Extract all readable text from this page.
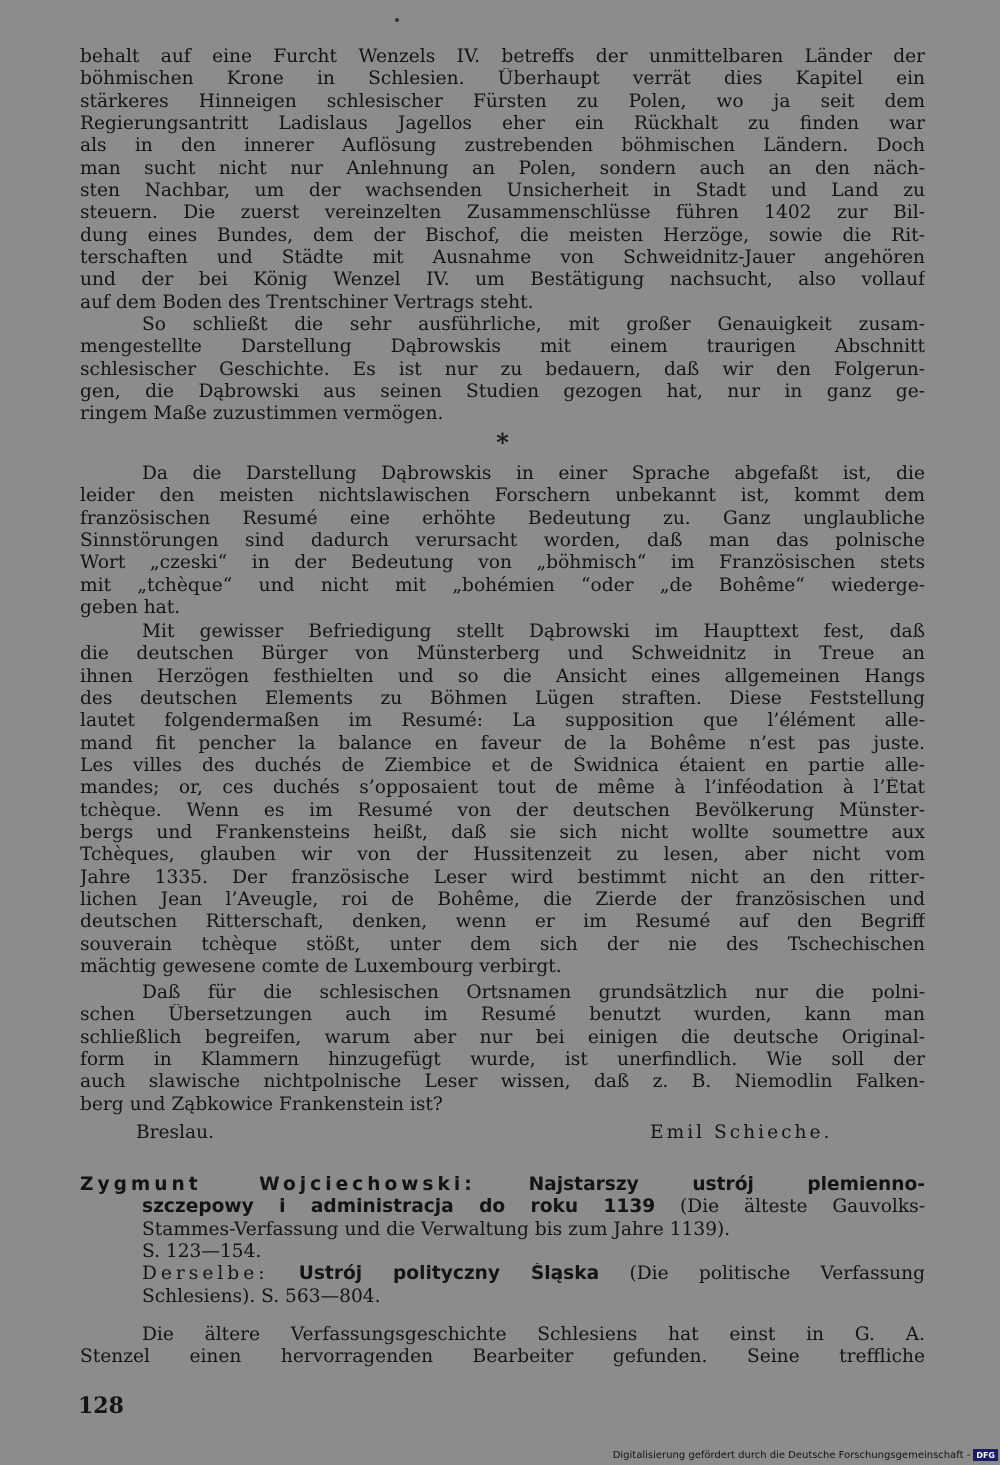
behalt auf eine Furcht Wenzels IV. betreffs der unmittelbaren Länder der
böhmischen Krone in Schlesien. Überhaupt verrät dies Kapitel ein
stärkeres Hinneigen schlesischer Fürsten zu Polen, wo ja seit dem
Regierungsantritt Ladislaus Jagellos eher ein Rückhalt zu finden war
als in den innerer Auflösung zustrebenden böhmischen Ländern. Doch
man sucht nicht nur Anlehnung an Polen, sondern auch an den näch-
sten Nachbar, um der wachsenden Unsicherheit in Stadt und Land zu
steuern. Die zuerst vereinzelten Zusammenschlüsse führen 1402 zur Bil-
dung eines Bundes, dem der Bischof, die meisten Herzöge, sowie die Rit-
terschaften und Städte mit Ausnahme von Schweidnitz-Jauer angehören
und der bei König Wenzel IV. um Bestätigung nachsucht, also vollauf
auf dem Boden des Trentschiner Vertrags steht.
So schließt die sehr ausführliche, mit großer Genauigkeit zusam-
mengestellte Darstellung Dąbrowskis mit einem traurigen Abschnitt
schlesischer Geschichte. Es ist nur zu bedauern, daß wir den Folgerun-
gen, die Dąbrowski aus seinen Studien gezogen hat, nur in ganz ge-
ringem Maße zuzustimmen vermögen.
*
Da die Darstellung Dąbrowskis in einer Sprache abgefaßt ist, die
leider den meisten nichtslawischen Forschern unbekannt ist, kommt dem
französischen Resumé eine erhöhte Bedeutung zu. Ganz unglaubliche
Sinnstörungen sind dadurch verursacht worden, daß man das polnische
Wort „czeski“ in der Bedeutung von „böhmisch“ im Französischen stets
mit „tchèque“ und nicht mit „bohémien “oder „de Bohême“ wiederge-
geben hat.
Mit gewisser Befriedigung stellt Dąbrowski im Haupttext fest, daß
die deutschen Bürger von Münsterberg und Schweidnitz in Treue an
ihnen Herzögen festhielten und so die Ansicht eines allgemeinen Hangs
des deutschen Elements zu Böhmen Lügen straften. Diese Feststellung
lautet folgendermaßen im Resumé: La supposition que l’élément alle-
mand fit pencher la balance en faveur de la Bohême n’est pas juste.
Les villes des duchés de Ziembice et de Świdnica étaient en partie alle-
mandes; or, ces duchés s’opposaient tout de même à l’inféodation à l’État
tchèque. Wenn es im Resumé von der deutschen Bevölkerung Münster-
bergs und Frankensteins heißt, daß sie sich nicht wollte soumettre aux
Tchèques, glauben wir von der Hussitenzeit zu lesen, aber nicht vom
Jahre 1335. Der französische Leser wird bestimmt nicht an den ritter-
lichen Jean l’Aveugle, roi de Bohême, die Zierde der französischen und
deutschen Ritterschaft, denken, wenn er im Resumé auf den Begriff
souverain tchèque stößt, unter dem sich der nie des Tschechischen
mächtig gewesene comte de Luxembourg verbirgt.
Daß für die schlesischen Ortsnamen grundsätzlich nur die polni-
schen Übersetzungen auch im Resumé benutzt wurden, kann man
schließlich begreifen, warum aber nur bei einigen die deutsche Original-
form in Klammern hinzugefügt wurde, ist unerfindlich. Wie soll der
auch slawische nichtpolnische Leser wissen, daß z. B. Niemodlin Falken-
berg und Ząbkowice Frankenstein ist?
Breslau.	Emil Schieche.
Zygmunt Wojciechowski:	Najstarszy ustrój plemienno-
szczepowy i administracja do roku 1139 (Die älteste Gauvolks-
Stammes-Verfassung und die Verwaltung bis zum Jahre 1139).
S. 123—154.
Derselbe: Ustrój polityczny Śląska (Die politische Verfassung
Schlesiens). S. 563—804.
Die ältere Verfassungsgeschichte Schlesiens hat einst in G. A.
Stenzel einen hervorragenden Bearbeiter gefunden. Seine treffliche
128
Digitalisierung gefördert durch die Deutsche Forschungsgemeinschaft - DFG
